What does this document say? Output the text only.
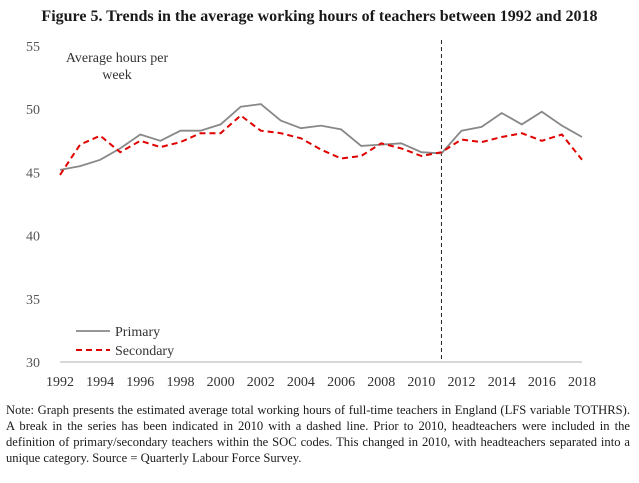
Figure 5. Trends in the average working hours of teachers between 1992 and 2018
30
35
40
45
50
55
1992 1994 1996 1998 2000 2002 2004 2006 2008 2010 2012 2014 2016 2018
Average hours per
week
Primary
Secondary
Note: Graph presents the estimated average total working hours of full-time teachers in England (LFS variable TOTHRS). A break in the series has been indicated in 2010 with a dashed line. Prior to 2010, headteachers were included in the definition of primary/secondary teachers within the SOC codes. This changed in 2010, with headteachers separated into a unique category. Source = Quarterly Labour Force Survey.
